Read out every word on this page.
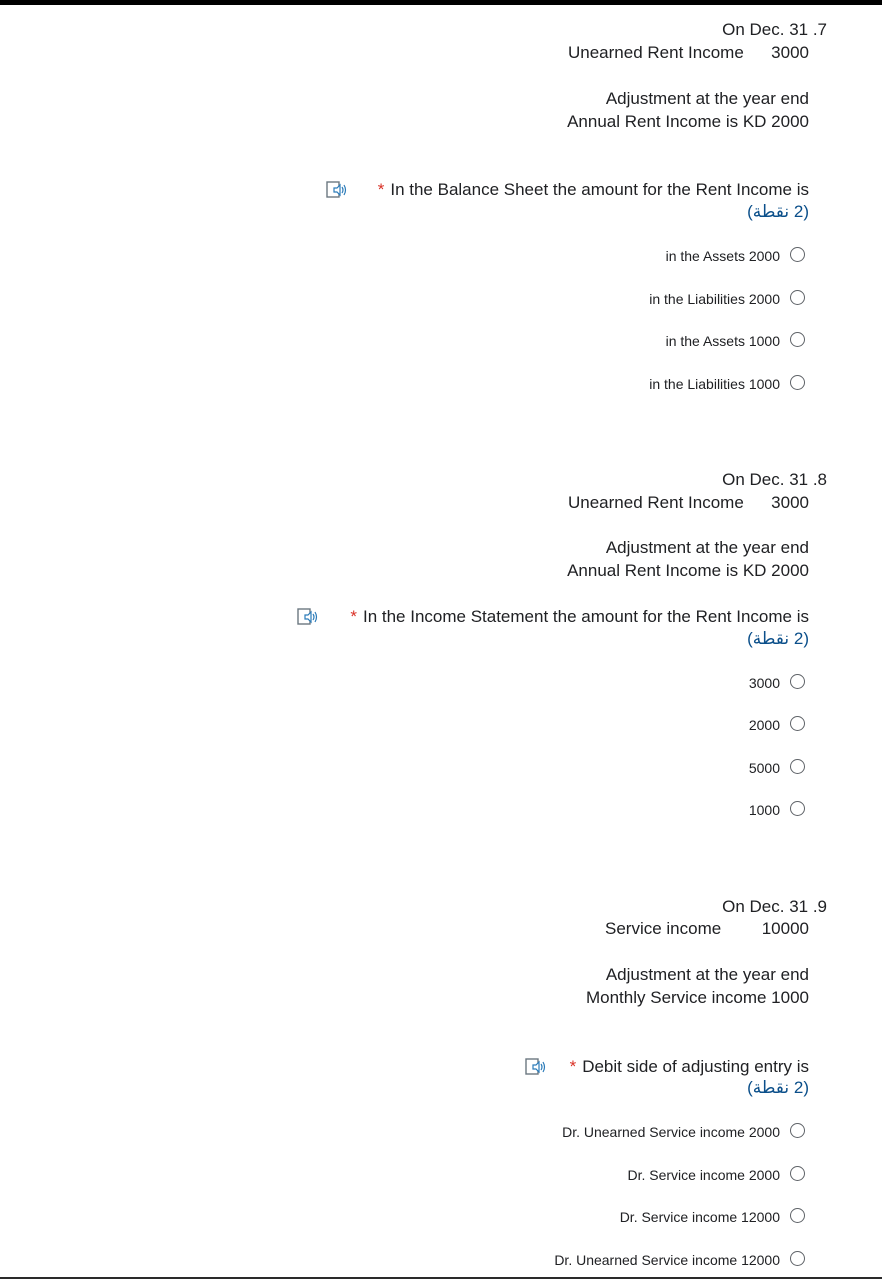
On Dec. 31 .7
Unearned Rent Income 3000
Adjustment at the year end
Annual Rent Income is KD 2000
* In the Balance Sheet the amount for the Rent Income is
(2 نقطة)
in the Assets 2000
in the Liabilities 2000
in the Assets 1000
in the Liabilities 1000
On Dec. 31 .8
Unearned Rent Income 3000
Adjustment at the year end
Annual Rent Income is KD 2000
* In the Income Statement the amount for the Rent Income is
(2 نقطة)
3000
2000
5000
1000
On Dec. 31 .9
Service income 10000
Adjustment at the year end
Monthly Service income 1000
* Debit side of adjusting entry is
(2 نقطة)
Dr. Unearned Service income 2000
Dr. Service income 2000
Dr. Service income 12000
Dr. Unearned Service income 12000
